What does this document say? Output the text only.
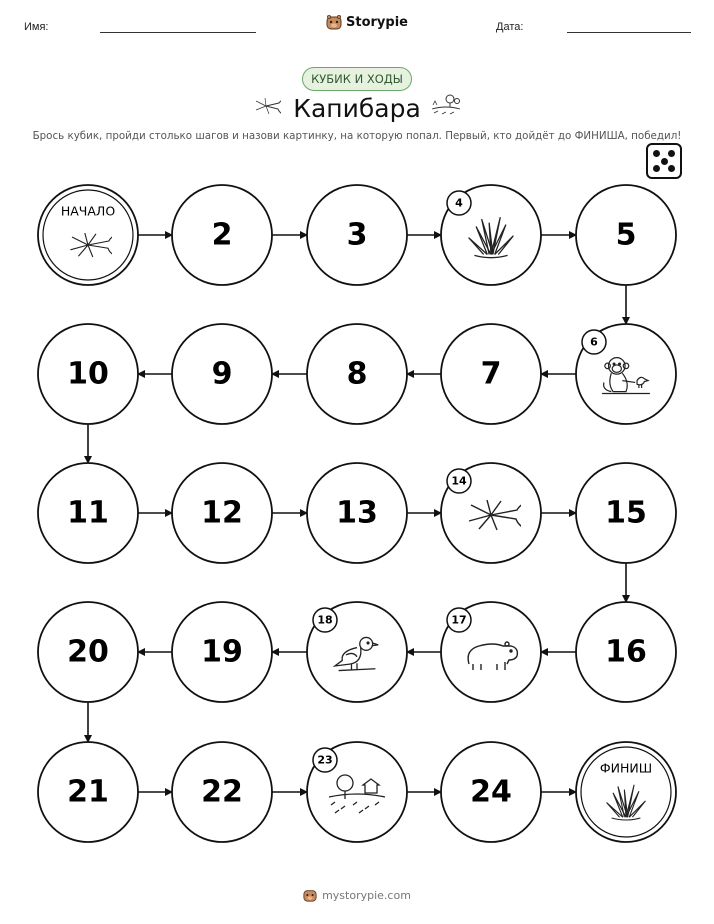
Имя:	Storypie	Дата:
КУБИК И ХОДЫ
Капибара
Брось кубик, пройди столько шагов и назови картинку, на которую попал. Первый, кто дойдёт до ФИНИША, победил!
НАЧАЛО
2	3
4
5
6
7
8
9
10
11	12	13
14
15
16
17
18
19
20
21	22
23
24
ФИНИШ
mystorypie.com
